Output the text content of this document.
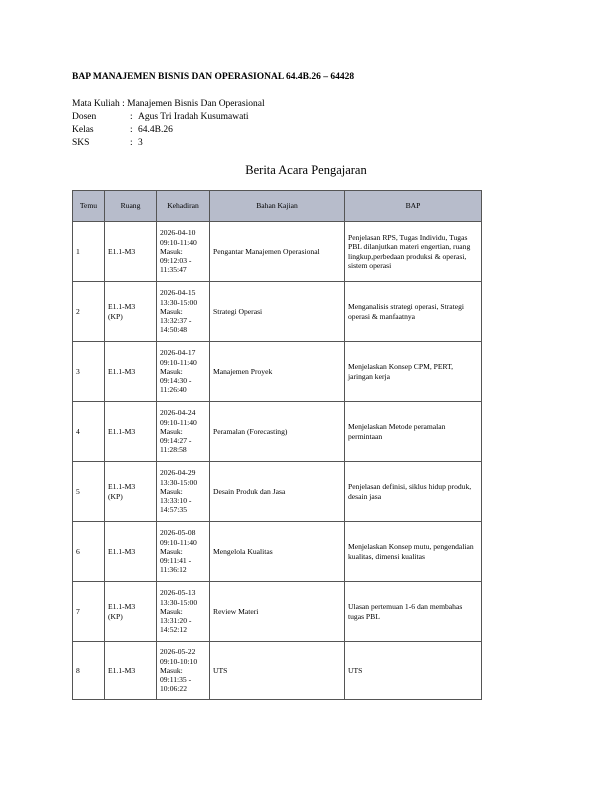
BAP MANAJEMEN BISNIS DAN OPERASIONAL 64.4B.26 – 64428
Mata Kuliah : Manajemen Bisnis Dan Operasional
Dosen	: Agus Tri Iradah Kusumawati
Kelas	: 64.4B.26
SKS	: 3
Berita Acara Pengajaran
Temu	Ruang	Kehadiran	Bahan Kajian	BAP
1	E1.1-M3	2026-04-10
09:10-11:40
Masuk:
09:12:03 -
11:35:47	Pengantar Manajemen Operasional	Penjelasan RPS, Tugas Individu, Tugas PBL dilanjutkan materi engertian, ruang lingkup,perbedaan produksi & operasi, sistem operasi
2	E1.1-M3
(KP)	2026-04-15
13:30-15:00
Masuk:
13:32:37 -
14:50:48	Strategi Operasi	Menganalisis strategi operasi, Strategi operasi & manfaatnya
3	E1.1-M3	2026-04-17
09:10-11:40
Masuk:
09:14:30 -
11:26:40	Manajemen Proyek	Menjelaskan Konsep CPM, PERT, jaringan kerja
4	E1.1-M3	2026-04-24
09:10-11:40
Masuk:
09:14:27 -
11:28:58	Peramalan (Forecasting)	Menjelaskan Metode peramalan permintaan
5	E1.1-M3
(KP)	2026-04-29
13:30-15:00
Masuk:
13:33:10 -
14:57:35	Desain Produk dan Jasa	Penjelasan definisi, siklus hidup produk, desain jasa
6	E1.1-M3	2026-05-08
09:10-11:40
Masuk:
09:11:41 -
11:36:12	Mengelola Kualitas	Menjelaskan Konsep mutu, pengendalian kualitas, dimensi kualitas
7	E1.1-M3
(KP)	2026-05-13
13:30-15:00
Masuk:
13:31:20 -
14:52:12	Review Materi	Ulasan pertemuan 1-6 dan membahas tugas PBL
8	E1.1-M3	2026-05-22
09:10-10:10
Masuk:
09:11:35 -
10:06:22	UTS	UTS
